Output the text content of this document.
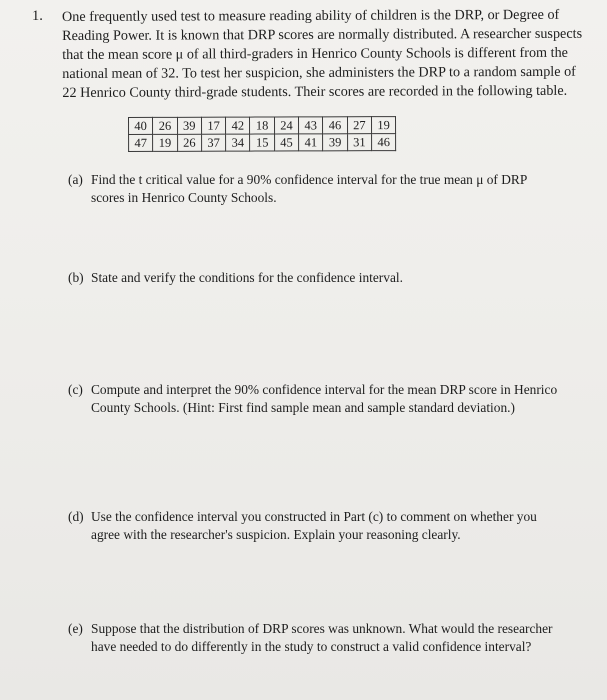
1. One frequently used test to measure reading ability of children is the DRP, or Degree of
Reading Power. It is known that DRP scores are normally distributed. A researcher suspects
that the mean score μ of all third-graders in Henrico County Schools is different from the
national mean of 32. To test her suspicion, she administers the DRP to a random sample of
22 Henrico County third-grade students. Their scores are recorded in the following table.
40	26	39	17	42	18	24	43	46	27	19
47	19	26	37	34	15	45	41	39	31	46
(a) Find the t critical value for a 90% confidence interval for the true mean μ of DRP
scores in Henrico County Schools.
(b) State and verify the conditions for the confidence interval.
(c) Compute and interpret the 90% confidence interval for the mean DRP score in Henrico
County Schools. (Hint: First find sample mean and sample standard deviation.)
(d) Use the confidence interval you constructed in Part (c) to comment on whether you
agree with the researcher's suspicion. Explain your reasoning clearly.
(e) Suppose that the distribution of DRP scores was unknown. What would the researcher
have needed to do differently in the study to construct a valid confidence interval?
